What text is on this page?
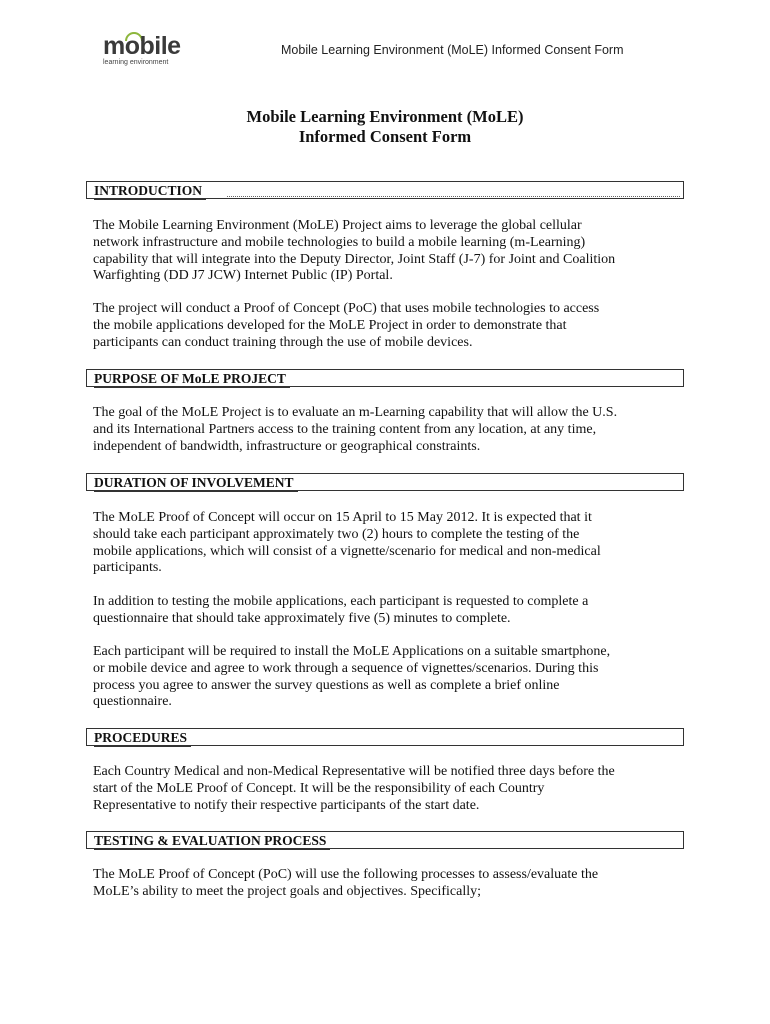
mobile
learning environment
Mobile Learning Environment (MoLE) Informed Consent Form
Mobile Learning Environment (MoLE)
Informed Consent Form
INTRODUCTION
The Mobile Learning Environment (MoLE) Project aims to leverage the global cellular
network infrastructure and mobile technologies to build a mobile learning (m-Learning)
capability that will integrate into the Deputy Director, Joint Staff (J-7) for Joint and Coalition
Warfighting (DD J7 JCW) Internet Public (IP) Portal.
The project will conduct a Proof of Concept (PoC) that uses mobile technologies to access
the mobile applications developed for the MoLE Project in order to demonstrate that
participants can conduct training through the use of mobile devices.
PURPOSE OF MoLE PROJECT
The goal of the MoLE Project is to evaluate an m-Learning capability that will allow the U.S.
and its International Partners access to the training content from any location, at any time,
independent of bandwidth, infrastructure or geographical constraints.
DURATION OF INVOLVEMENT
The MoLE Proof of Concept will occur on 15 April to 15 May 2012. It is expected that it
should take each participant approximately two (2) hours to complete the testing of the
mobile applications, which will consist of a vignette/scenario for medical and non-medical
participants.
In addition to testing the mobile applications, each participant is requested to complete a
questionnaire that should take approximately five (5) minutes to complete.
Each participant will be required to install the MoLE Applications on a suitable smartphone,
or mobile device and agree to work through a sequence of vignettes/scenarios. During this
process you agree to answer the survey questions as well as complete a brief online
questionnaire.
PROCEDURES
Each Country Medical and non-Medical Representative will be notified three days before the
start of the MoLE Proof of Concept. It will be the responsibility of each Country
Representative to notify their respective participants of the start date.
TESTING & EVALUATION PROCESS
The MoLE Proof of Concept (PoC) will use the following processes to assess/evaluate the
MoLE’s ability to meet the project goals and objectives. Specifically;
